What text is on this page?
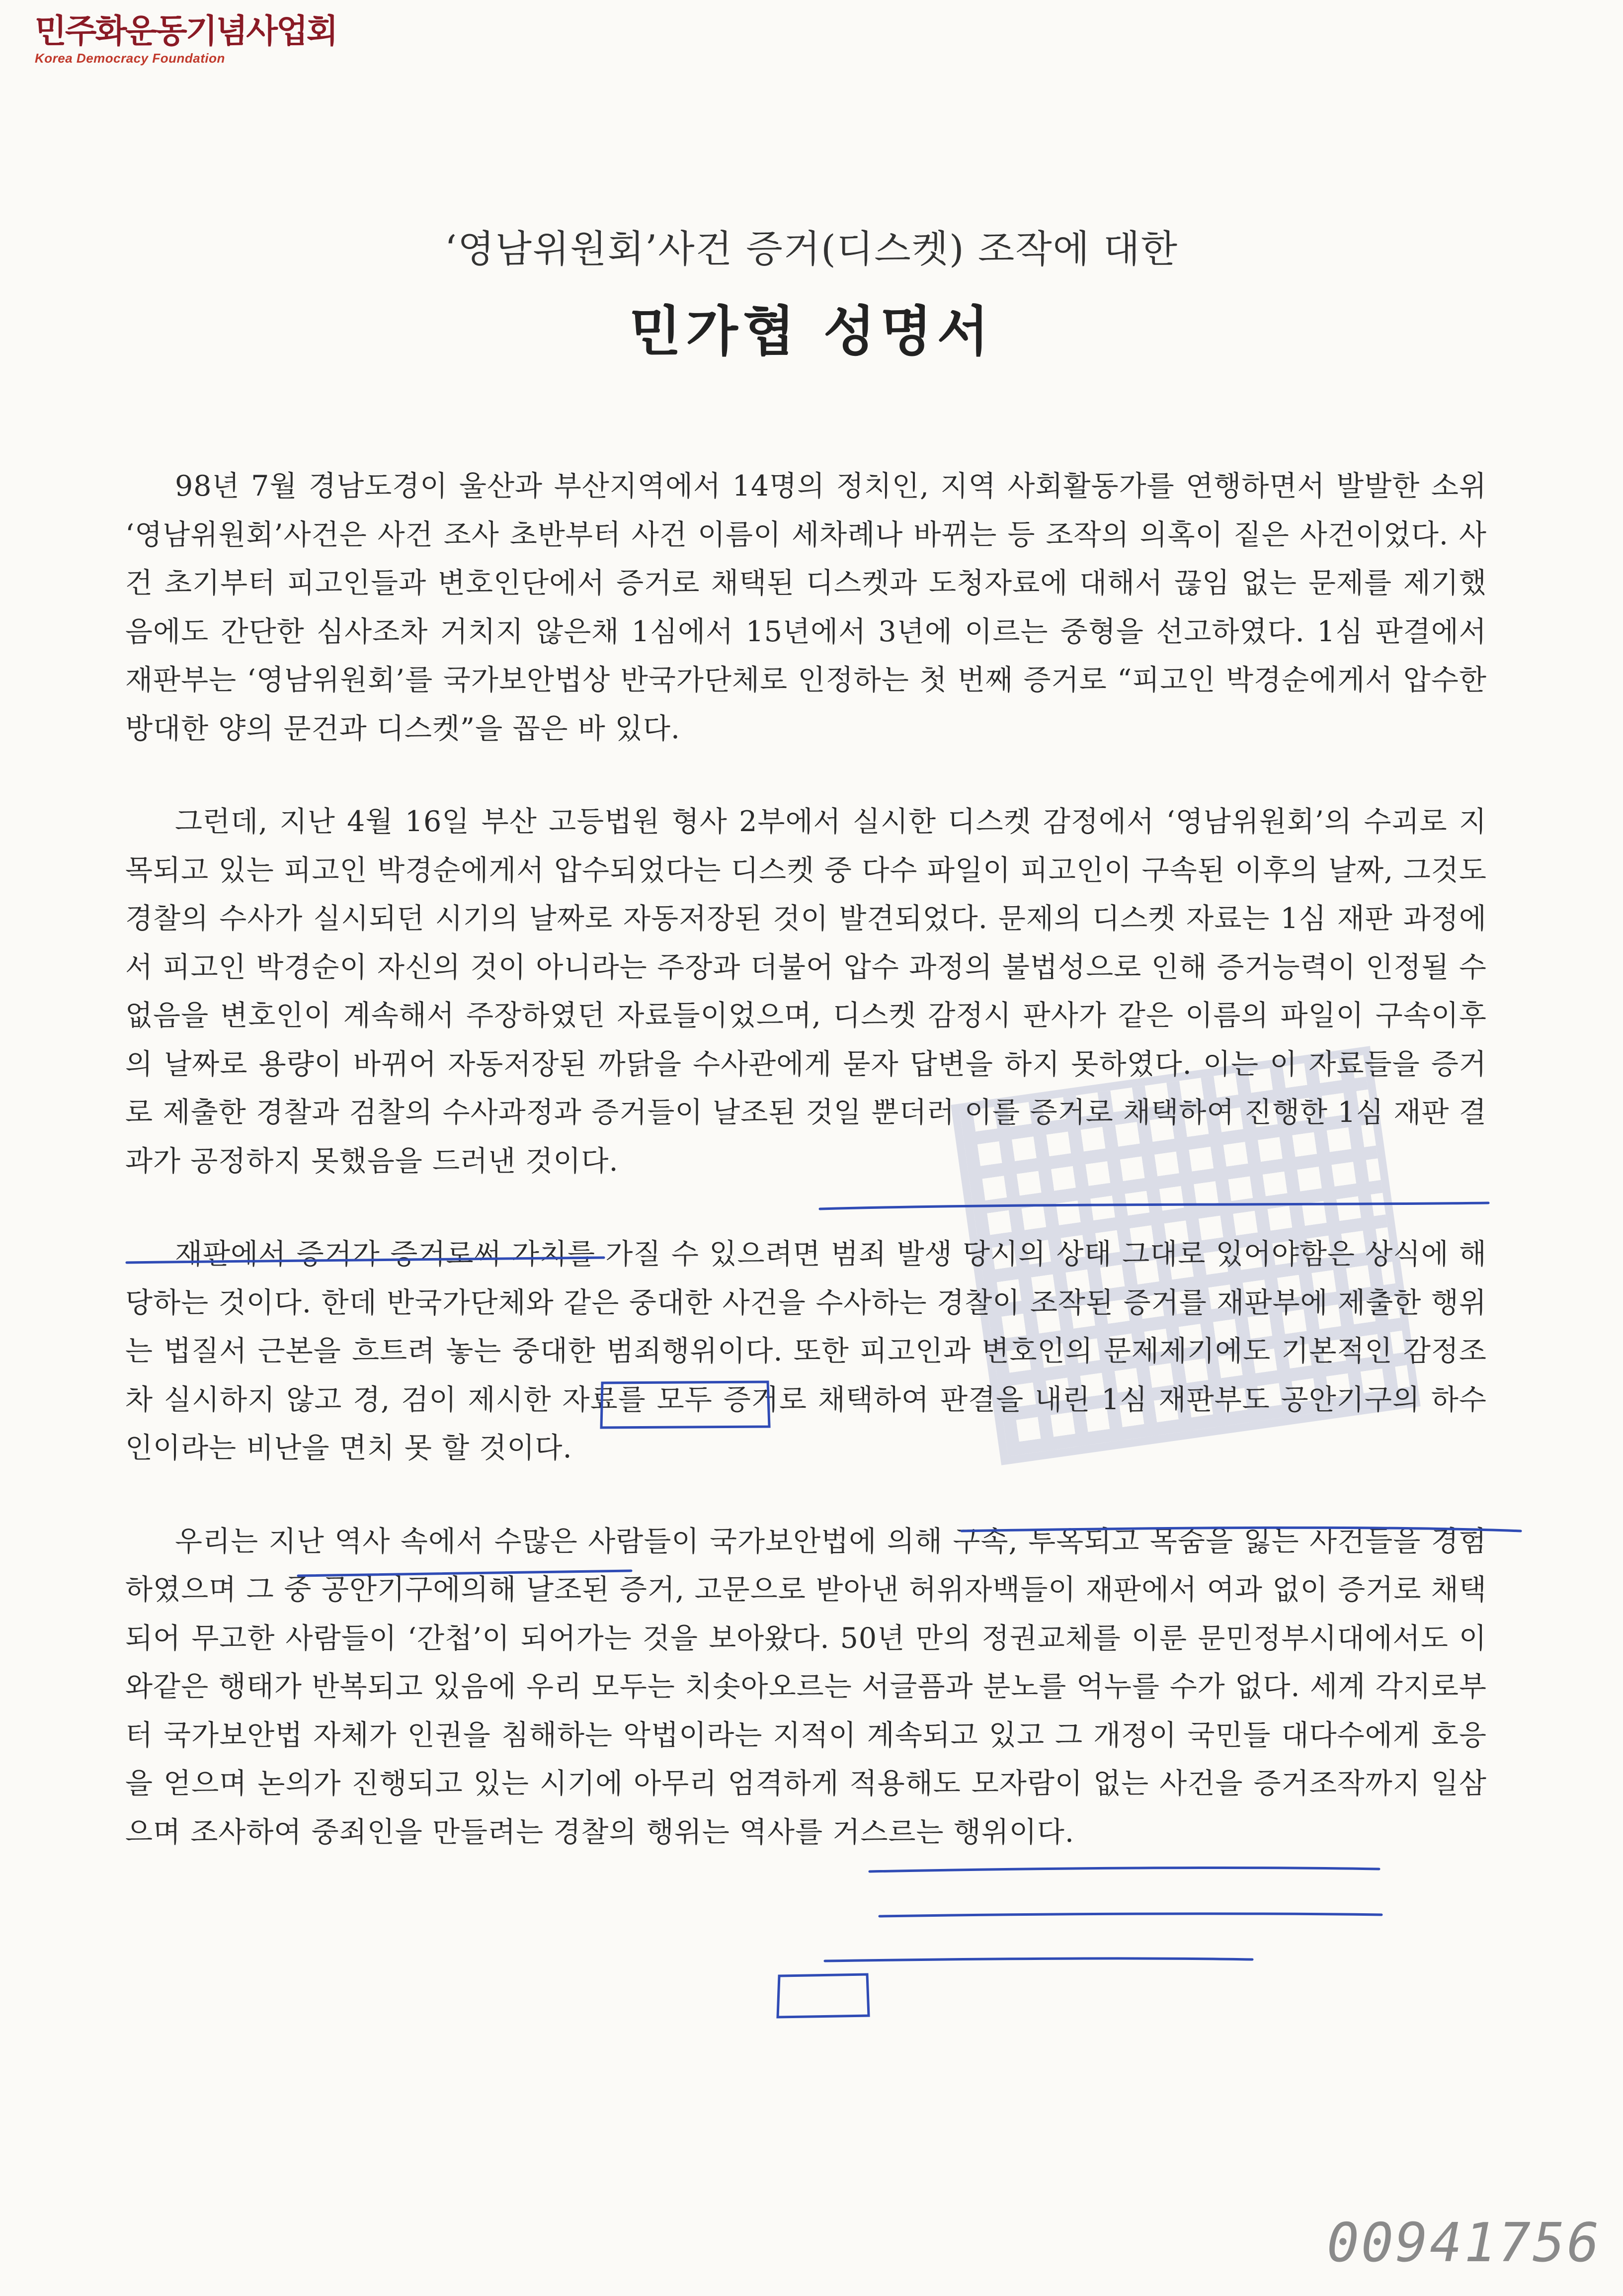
민주화운동기념사업회
Korea Democracy Foundation
‘영남위원회’사건 증거(디스켓) 조작에 대한
민가협 성명서

98년 7월 경남도경이 울산과 부산지역에서 14명의 정치인, 지역 사회활동가를 연행하면서 발발한 소위 ‘영남위원회’사건은 사건 조사 초반부터 사건 이름이 세차례나 바뀌는 등 조작의 의혹이 짙은 사건이었다. 사건 초기부터 피고인들과 변호인단에서 증거로 채택된 디스켓과 도청자료에 대해서 끊임 없는 문제를 제기했음에도 간단한 심사조차 거치지 않은채 1심에서 15년에서 3년에 이르는 중형을 선고하였다. 1심 판결에서 재판부는 ‘영남위원회’를 국가보안법상 반국가단체로 인정하는 첫 번째 증거로 “피고인 박경순에게서 압수한 방대한 양의 문건과 디스켓”을 꼽은 바 있다.

그런데, 지난 4월 16일 부산 고등법원 형사 2부에서 실시한 디스켓 감정에서 ‘영남위원회’의 수괴로 지목되고 있는 피고인 박경순에게서 압수되었다는 디스켓 중 다수 파일이 피고인이 구속된 이후의 날짜, 그것도 경찰의 수사가 실시되던 시기의 날짜로 자동저장된 것이 발견되었다. 문제의 디스켓 자료는 1심 재판 과정에서 피고인 박경순이 자신의 것이 아니라는 주장과 더불어 압수 과정의 불법성으로 인해 증거능력이 인정될 수 없음을 변호인이 계속해서 주장하였던 자료들이었으며, 디스켓 감정시 판사가 같은 이름의 파일이 구속이후의 날짜로 용량이 바뀌어 자동저장된 까닭을 수사관에게 묻자 답변을 하지 못하였다. 이는 이 자료들을 증거로 제출한 경찰과 검찰의 수사과정과 증거들이 날조된 것일 뿐더러 이를 증거로 채택하여 진행한 1심 재판 결과가 공정하지 못했음을 드러낸 것이다.

재판에서 증거가 증거로써 가치를 가질 수 있으려면 범죄 발생 당시의 상태 그대로 있어야함은 상식에 해당하는 것이다. 한데 반국가단체와 같은 중대한 사건을 수사하는 경찰이 조작된 증거를 재판부에 제출한 행위는 법질서 근본을 흐트려 놓는 중대한 범죄행위이다. 또한 피고인과 변호인의 문제제기에도 기본적인 감정조차 실시하지 않고 경, 검이 제시한 자료를 모두 증거로 채택하여 판결을 내린 1심 재판부도 공안기구의 하수인이라는 비난을 면치 못 할 것이다.

우리는 지난 역사 속에서 수많은 사람들이 국가보안법에 의해 구속, 투옥되고 목숨을 잃는 사건들을 경험하였으며 그 중 공안기구에의해 날조된 증거, 고문으로 받아낸 허위자백들이 재판에서 여과 없이 증거로 채택되어 무고한 사람들이 ‘간첩’이 되어가는 것을 보아왔다. 50년 만의 정권교체를 이룬 문민정부시대에서도 이와같은 행태가 반복되고 있음에 우리 모두는 치솟아오르는 서글픔과 분노를 억누를 수가 없다. 세계 각지로부터 국가보안법 자체가 인권을 침해하는 악법이라는 지적이 계속되고 있고 그 개정이 국민들 대다수에게 호응을 얻으며 논의가 진행되고 있는 시기에 아무리 엄격하게 적용해도 모자람이 없는 사건을 증거조작까지 일삼으며 조사하여 중죄인을 만들려는 경찰의 행위는 역사를 거스르는 행위이다.

00941756
